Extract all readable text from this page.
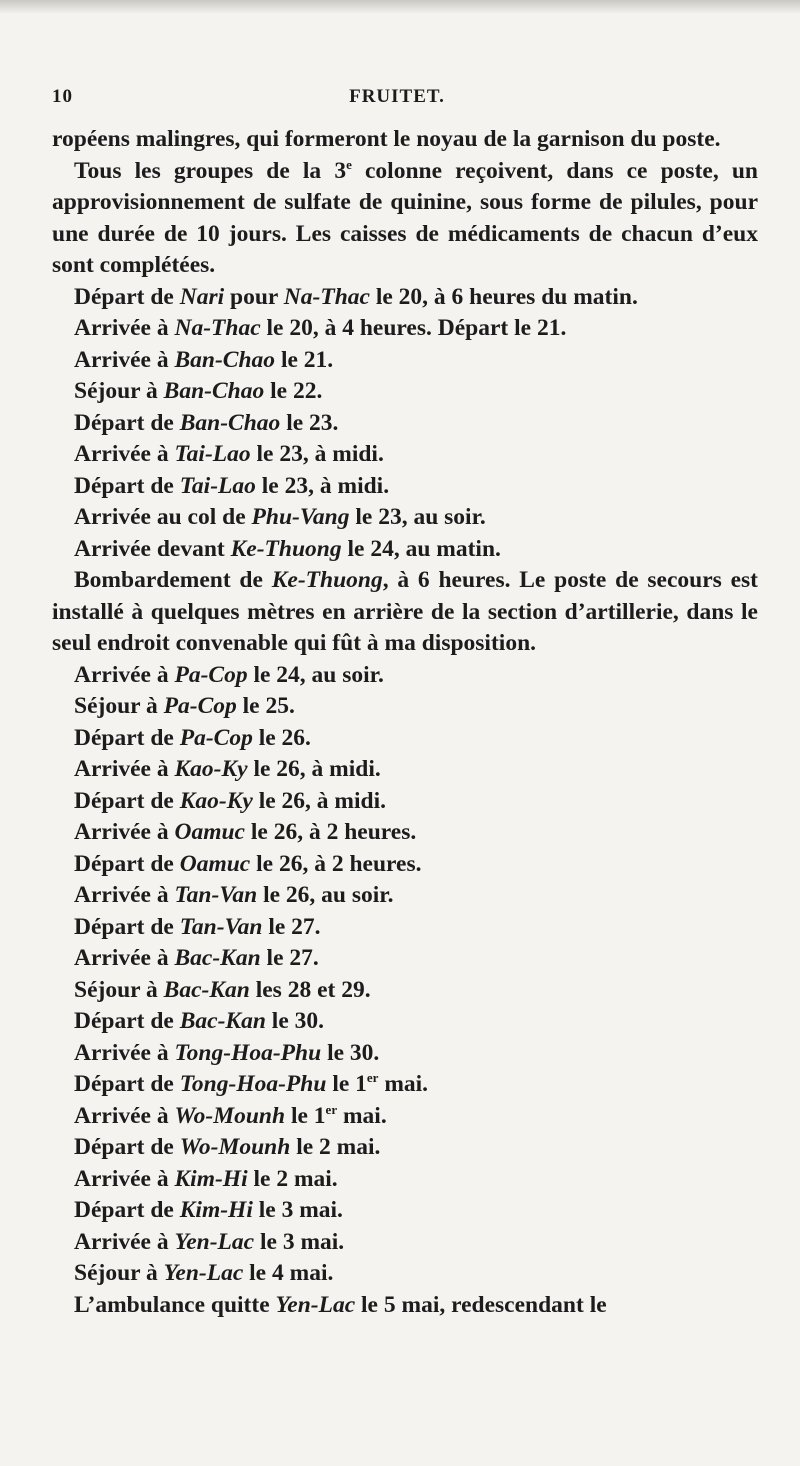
10	FRUITET.

ropéens malingres, qui formeront le noyau de la garnison du poste.

Tous les groupes de la 3e colonne reçoivent, dans ce poste, un approvisionnement de sulfate de quinine, sous forme de pilules, pour une durée de 10 jours. Les caisses de médicaments de chacun d’eux sont complétées.

Départ de Nari pour Na-Thac le 20, à 6 heures du matin.

Arrivée à Na-Thac le 20, à 4 heures. Départ le 21.

Arrivée à Ban-Chao le 21.

Séjour à Ban-Chao le 22.

Départ de Ban-Chao le 23.

Arrivée à Tai-Lao le 23, à midi.

Départ de Tai-Lao le 23, à midi.

Arrivée au col de Phu-Vang le 23, au soir.

Arrivée devant Ke-Thuong le 24, au matin.

Bombardement de Ke-Thuong, à 6 heures. Le poste de secours est installé à quelques mètres en arrière de la section d’artillerie, dans le seul endroit convenable qui fût à ma disposition.

Arrivée à Pa-Cop le 24, au soir.

Séjour à Pa-Cop le 25.

Départ de Pa-Cop le 26.

Arrivée à Kao-Ky le 26, à midi.

Départ de Kao-Ky le 26, à midi.

Arrivée à Oamuc le 26, à 2 heures.

Départ de Oamuc le 26, à 2 heures.

Arrivée à Tan-Van le 26, au soir.

Départ de Tan-Van le 27.

Arrivée à Bac-Kan le 27.

Séjour à Bac-Kan les 28 et 29.

Départ de Bac-Kan le 30.

Arrivée à Tong-Hoa-Phu le 30.

Départ de Tong-Hoa-Phu le 1er mai.

Arrivée à Wo-Mounh le 1er mai.

Départ de Wo-Mounh le 2 mai.

Arrivée à Kim-Hi le 2 mai.

Départ de Kim-Hi le 3 mai.

Arrivée à Yen-Lac le 3 mai.

Séjour à Yen-Lac le 4 mai.

L’ambulance quitte Yen-Lac le 5 mai, redescendant le
